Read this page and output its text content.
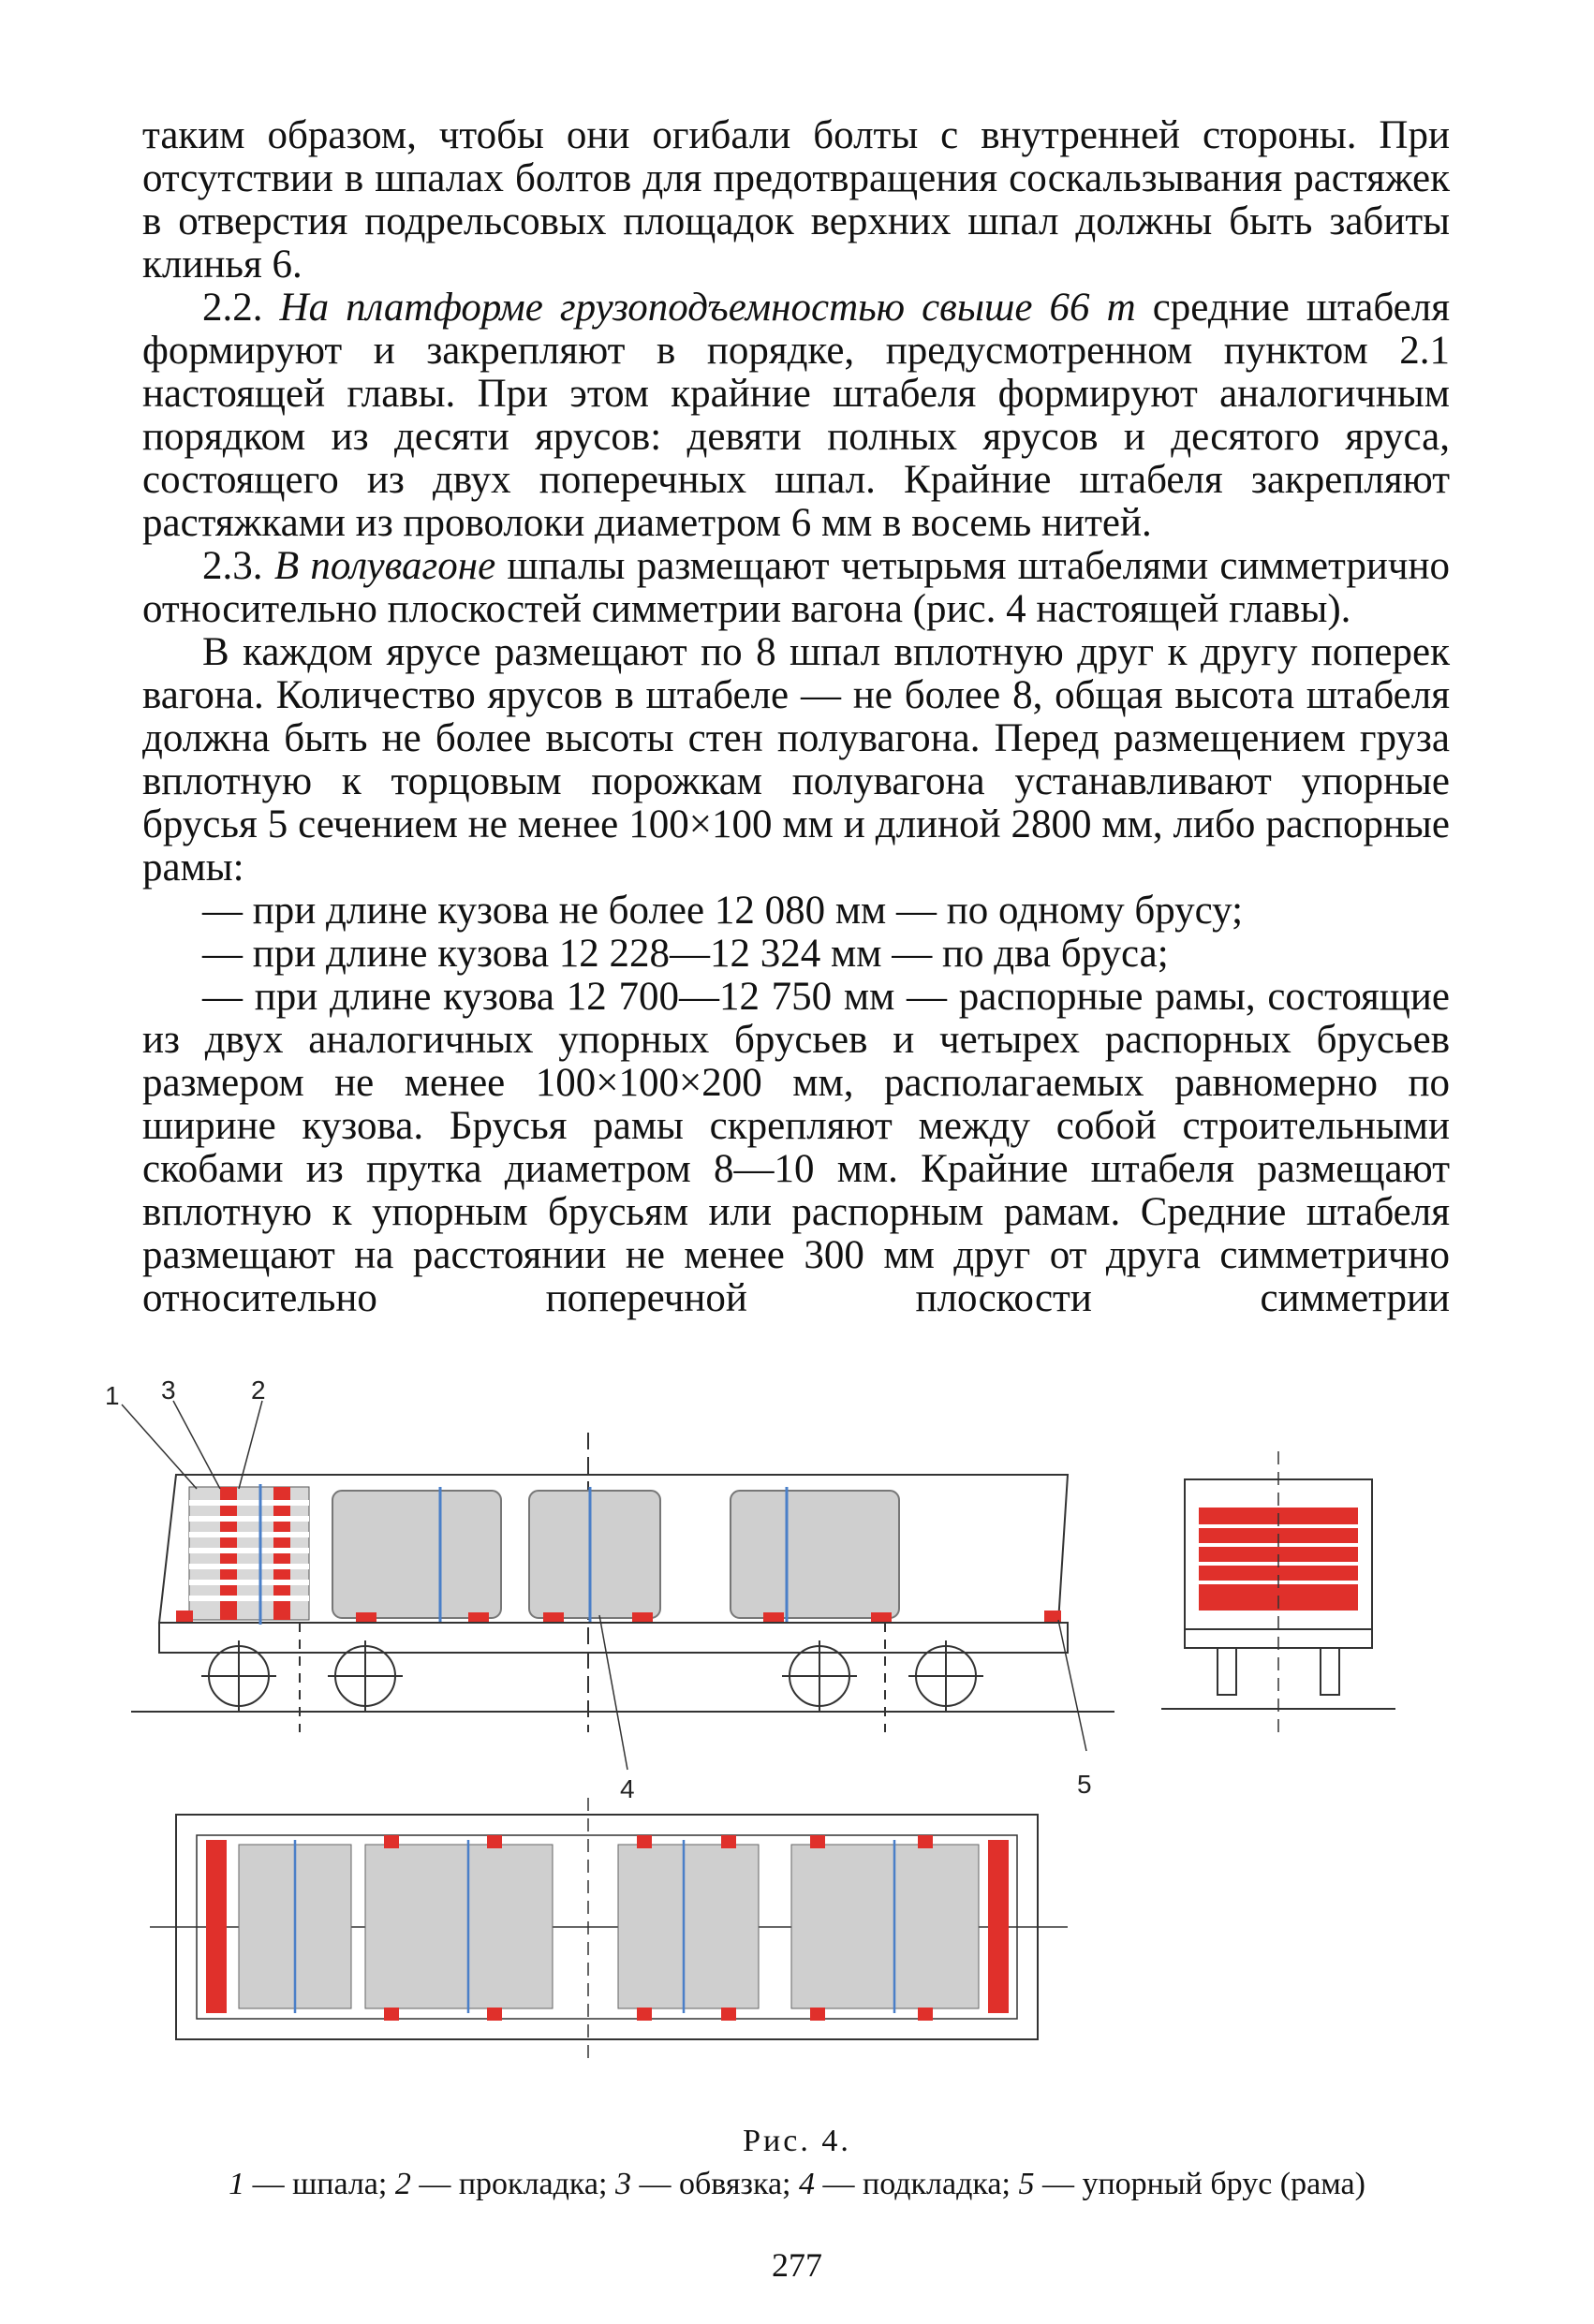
таким образом, чтобы они огибали болты с внутренней стороны. При отсутствии в шпалах болтов для предотвращения соскальзывания растяжек в отверстия подрельсовых площадок верхних шпал должны быть забиты клинья 6.

2.2. На платформе грузоподъемностью свыше 66 т средние штабеля формируют и закрепляют в порядке, предусмотренном пунктом 2.1 настоящей главы. При этом крайние штабеля формируют аналогичным порядком из десяти ярусов: девяти полных ярусов и десятого яруса, состоящего из двух поперечных шпал. Крайние штабеля закрепляют растяжками из проволоки диаметром 6 мм в восемь нитей.

2.3. В полувагоне шпалы размещают четырьмя штабелями симметрично относительно плоскостей симметрии вагона (рис. 4 настоящей главы).

В каждом ярусе размещают по 8 шпал вплотную друг к другу поперек вагона. Количество ярусов в штабеле — не более 8, общая высота штабеля должна быть не более высоты стен полувагона. Перед размещением груза вплотную к торцовым порожкам полувагона устанавливают упорные брусья 5 сечением не менее 100×100 мм и длиной 2800 мм, либо распорные рамы:

— при длине кузова не более 12 080 мм — по одному брусу;

— при длине кузова 12 228—12 324 мм — по два бруса;

— при длине кузова 12 700—12 750 мм — распорные рамы, состоящие из двух аналогичных упорных брусьев и четырех распорных брусьев размером не менее 100×100×200 мм, располагаемых равномерно по ширине кузова. Брусья рамы скрепляют между собой строительными скобами из прутка диаметром 8—10 мм. Крайние штабеля размещают вплотную к упорным брусьям или распорным рамам. Средние штабеля размещают на расстоянии не менее 300 мм друг от друга симметрично относительно поперечной плоскости симметрии

1 3	2
4	5
Рис. 4.
1 — шпала; 2 — прокладка; 3 — обвязка; 4 — подкладка; 5 — упорный брус (рама)
277
